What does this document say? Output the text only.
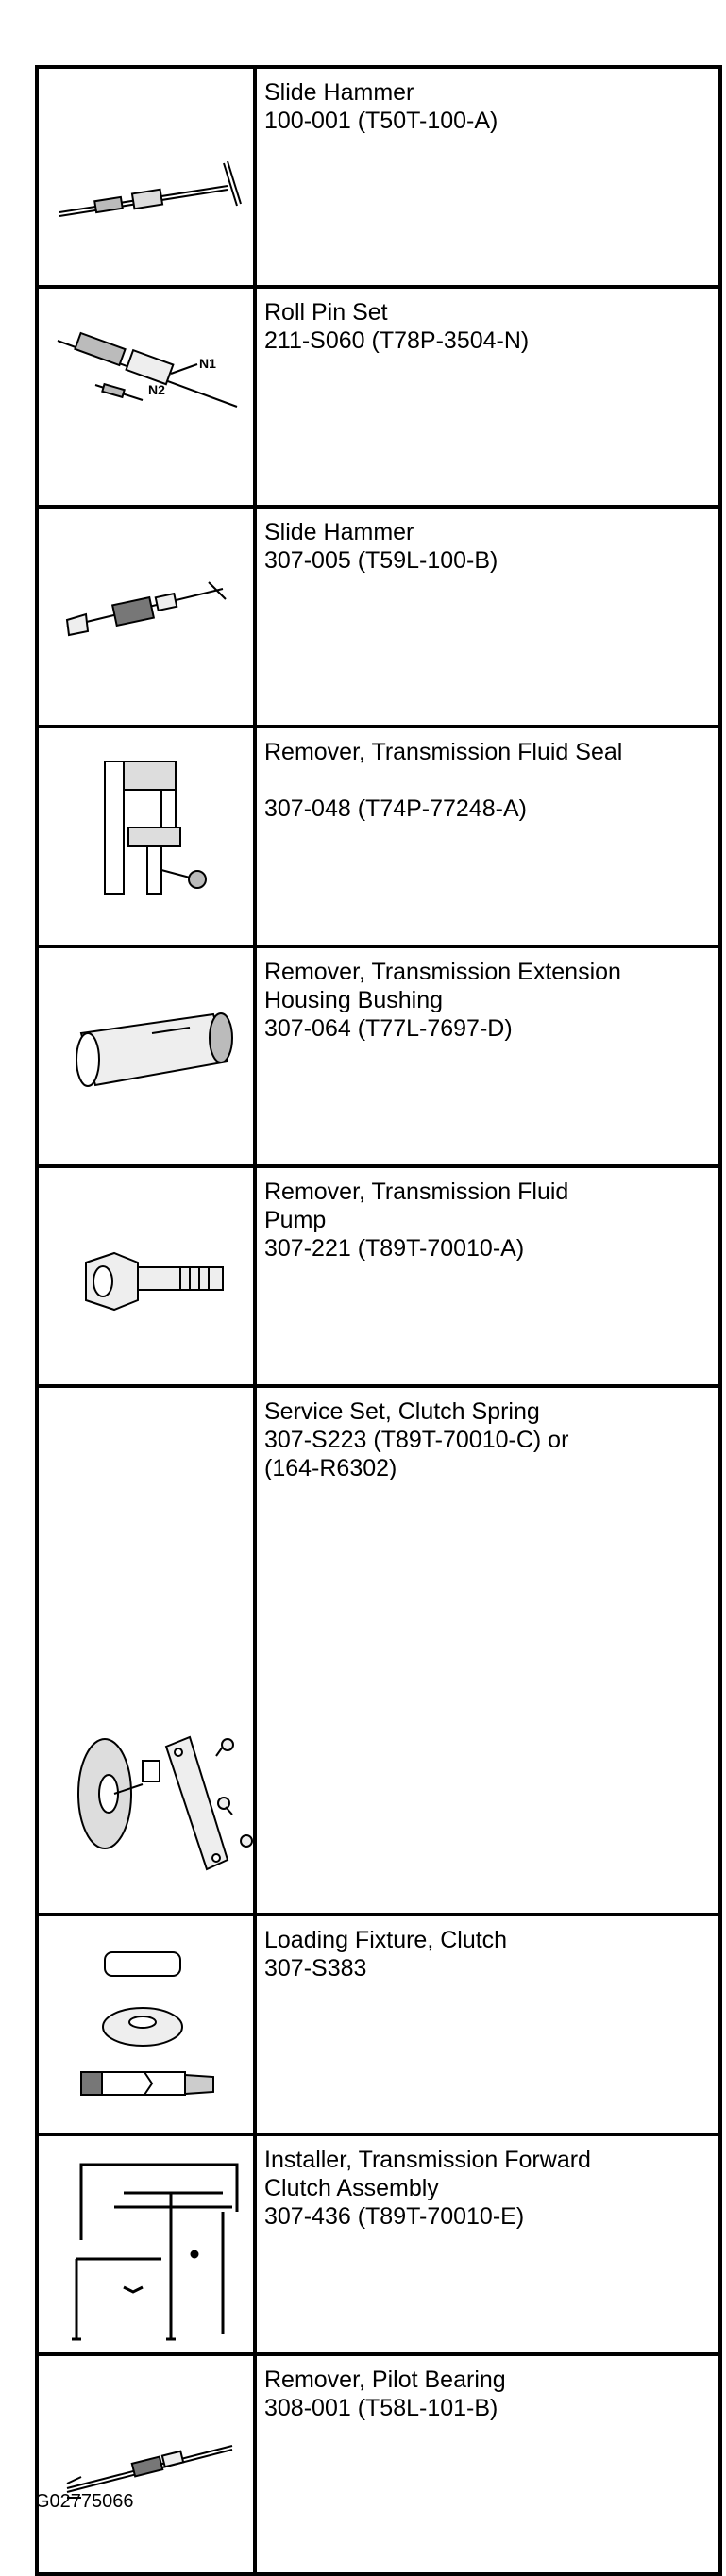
Slide Hammer
100-001 (T50T-100-A)

N1
N2	Roll Pin Set
211-S060 (T78P-3504-N)

Slide Hammer
307-005 (T59L-100-B)

Remover, Transmission Fluid Seal

307-048 (T74P-77248-A)

Remover, Transmission Extension
Housing Bushing
307-064 (T77L-7697-D)

Remover, Transmission Fluid
Pump
307-221 (T89T-70010-A)

Service Set, Clutch Spring
307-S223 (T89T-70010-C) or
(164-R6302)

Loading Fixture, Clutch
307-S383

Installer, Transmission Forward
Clutch Assembly
307-436 (T89T-70010-E)

Remover, Pilot Bearing
308-001 (T58L-101-B)
G02775066
